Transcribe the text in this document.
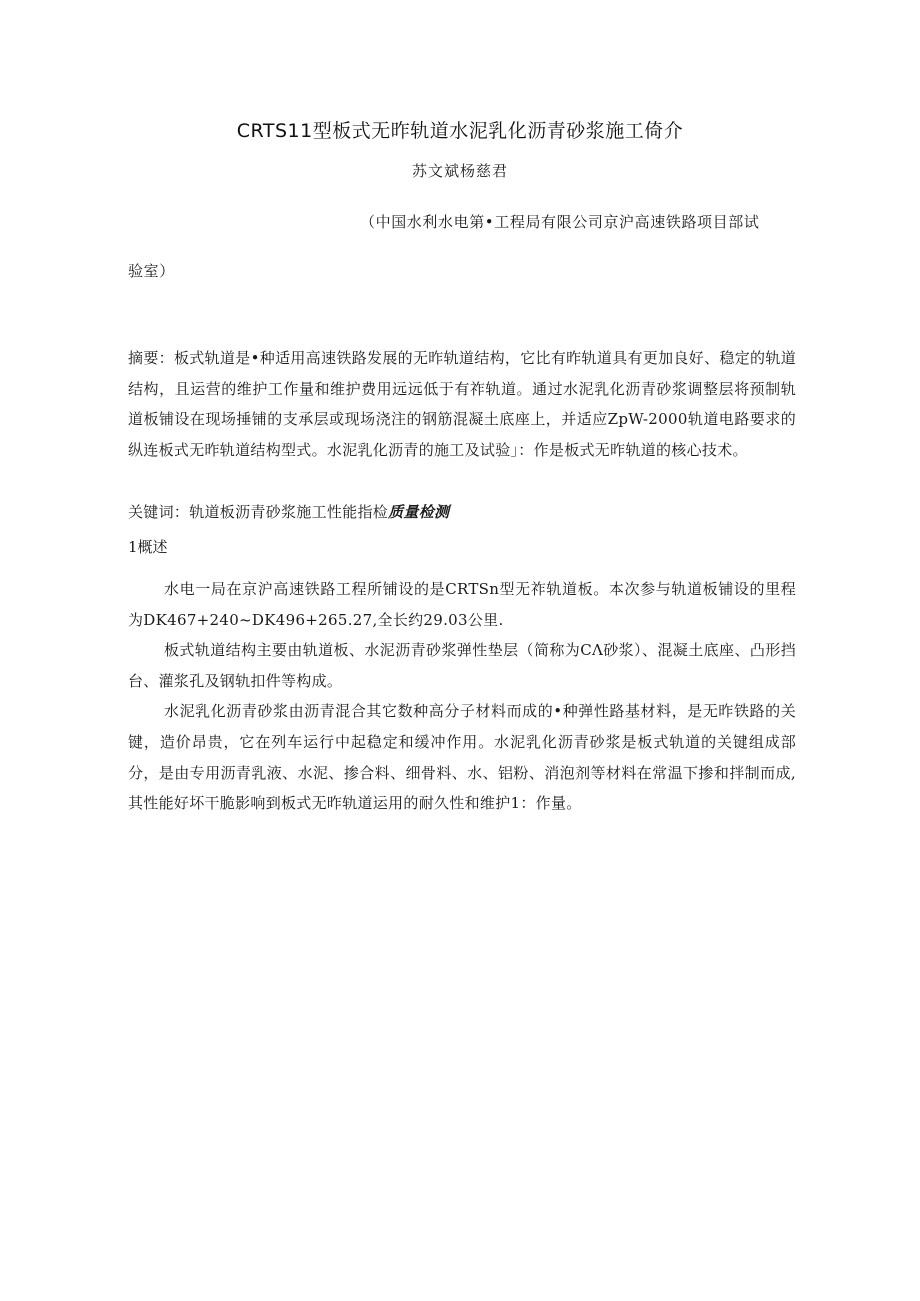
CRTS11型板式无昨轨道水泥乳化沥青砂浆施工倚介
苏文斌杨慈君
（中国水利水电第•工程局有限公司京沪高速铁路项目部试
验室）
摘要：板式轨道是•种适用高速铁路发展的无昨轨道结构，它比有昨轨道具有更加良好、稳定的轨道结构，且运营的维护工作量和维护费用远远低于有祚轨道。通过水泥乳化沥青砂浆调整层将预制轨道板铺设在现场捶铺的支承层或现场浇注的钢筋混凝土底座上，并适应ZpW-2000轨道电路要求的纵连板式无昨轨道结构型式。水泥乳化沥青的施工及试验」：作是板式无昨轨道的核心技术。
关键词：轨道板沥青砂浆施工性能指检质量检测
1概述

水电一局在京沪高速铁路工程所铺设的是CRTSn型无祚轨道板。本次参与轨道板铺设的里程为DK467+240~DK496+265.27,全长约29.03公里.

板式轨道结构主要由轨道板、水泥沥青砂浆弹性垫层（简称为CΛ砂浆）、混凝土底座、凸形挡台、灌浆孔及钢轨扣件等构成。

水泥乳化沥青砂浆由沥青混合其它数种高分子材料而成的•种弹性路基材料，是无昨铁路的关键，造价昂贵，它在列车运行中起稳定和缓冲作用。水泥乳化沥青砂浆是板式轨道的关键组成部分，是由专用沥青乳液、水泥、掺合料、细骨料、水、铝粉、消泡剂等材料在常温下掺和拌制而成,其性能好坏干脆影响到板式无昨轨道运用的耐久性和维护1：作量。
